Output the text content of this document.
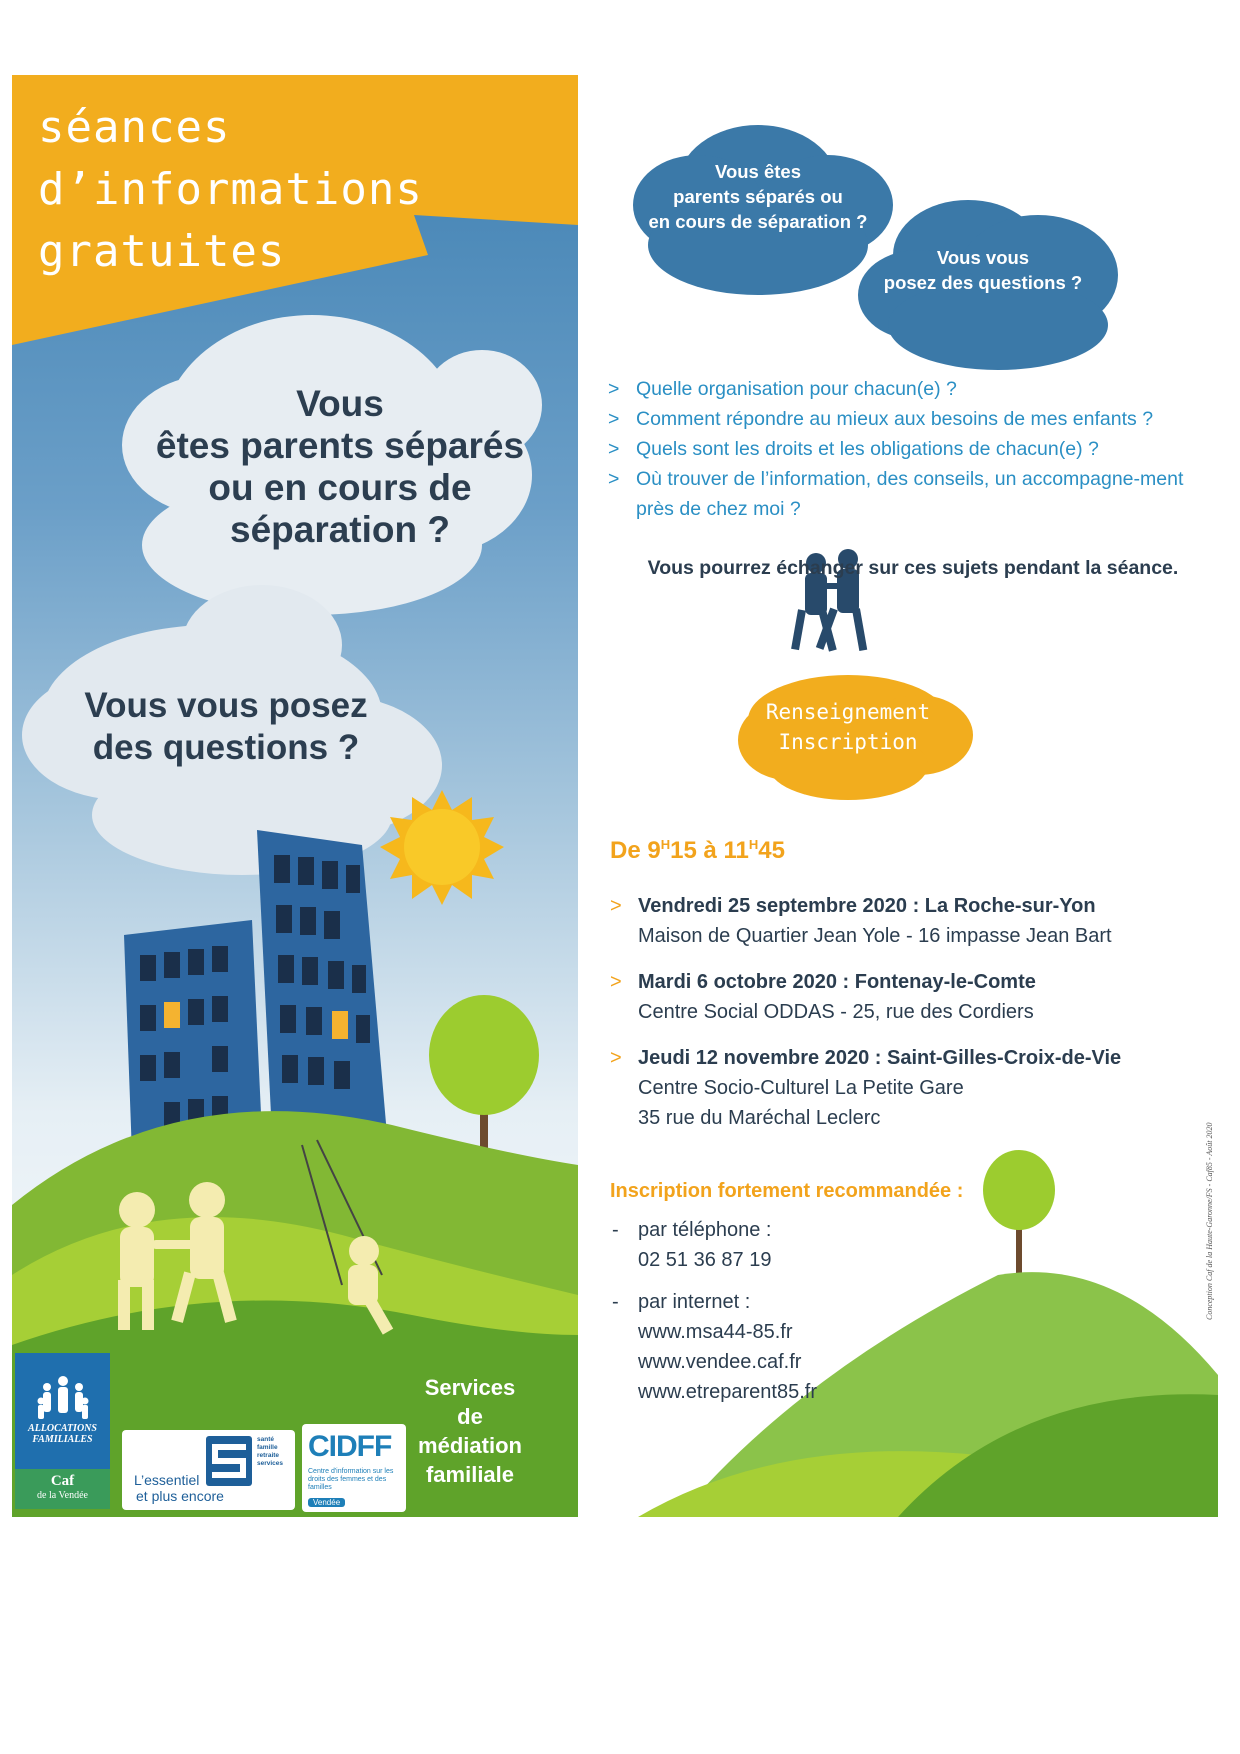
séances
d’informations
gratuites
Vous
êtes parents séparés
ou en cours de
séparation ?
Vous vous posez
des questions ?
ALLOCATIONS
FAMILIALES
Caf
de la Vendée
L’essentiel
et plus encore
santé
famille
retraite
services
CIDFF
Centre d'information sur les droits des femmes et des familles
Vendée
Services
de médiation
familiale
Vous êtes
parents séparés ou
en cours de séparation ?
Vous vous
posez des questions ?
> Quelle organisation pour chacun(e) ?
> Comment répondre au mieux aux besoins de mes enfants ?
> Quels sont les droits et les obligations de chacun(e) ?
> Où trouver de l’information, des conseils, un accompagne-ment près de chez moi ?
Vous pourrez échanger sur ces sujets pendant la séance.
Renseignement
Inscription
De $9^H15$ à $11^H45$
> Vendredi 25 septembre 2020 : La Roche-sur-Yon
Maison de Quartier Jean Yole - 16 impasse Jean Bart
> Mardi 6 octobre 2020 : Fontenay-le-Comte
Centre Social ODDAS - 25, rue des Cordiers
> Jeudi 12 novembre 2020 : Saint-Gilles-Croix-de-Vie
Centre Socio-Culturel La Petite Gare
35 rue du Maréchal Leclerc
Inscription fortement recommandée :
- par téléphone :
02 51 36 87 19
- par internet :
www.msa44-85.fr
www.vendee.caf.fr
www.etreparent85.fr
Conception Caf de la Haute-Garonne/FS - Caf85 - Août 2020
